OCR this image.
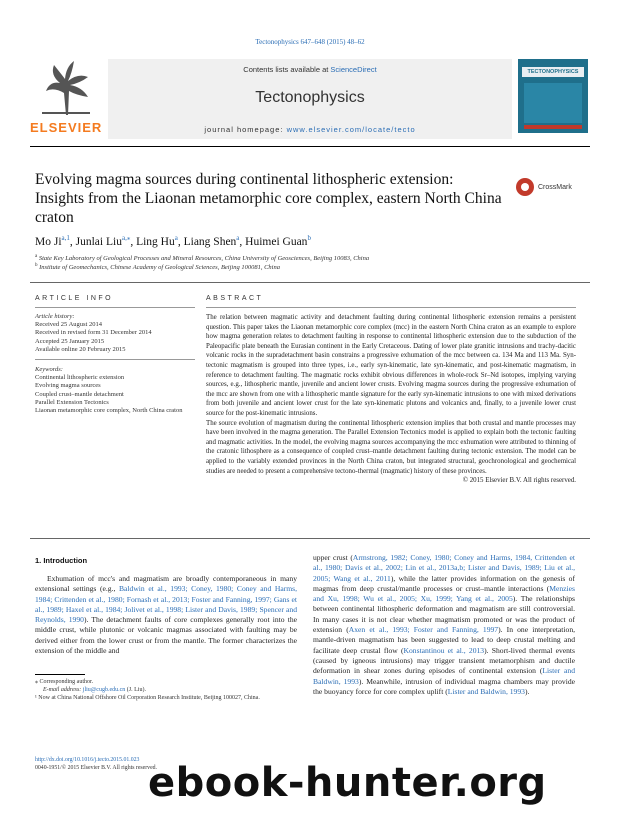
Tectonophysics 647–648 (2015) 48–62
ELSEVIER
Contents lists available at ScienceDirect
Tectonophysics
journal homepage: www.elsevier.com/locate/tecto
TECTONOPHYSICS
Evolving magma sources during continental lithospheric extension: Insights from the Liaonan metamorphic core complex, eastern North China craton
CrossMark
Mo Ji$^{a,1}$, Junlai Liu$^{a,⁎}$, Ling Hu$^a$, Liang Shen$^a$, Huimei Guan$^b$
$^a$ State Key Laboratory of Geological Processes and Mineral Resources, China University of Geosciences, Beijing 10083, China
$^b$ Institute of Geomechanics, Chinese Academy of Geological Sciences, Beijing 100081, China
ARTICLE INFO	ABSTRACT
Article history:
Received 25 August 2014
Received in revised form 31 December 2014
Accepted 25 January 2015
Available online 20 February 2015
Keywords:
Continental lithospheric extension
Evolving magma sources
Coupled crust–mantle detachment
Parallel Extension Tectonics
Liaonan metamorphic core complex, North China craton

The relation between magmatic activity and detachment faulting during continental lithospheric extension remains a persistent question. This paper takes the Liaonan metamorphic core complex (mcc) in the eastern North China craton as an example to explore how magma generation relates to detachment faulting in response to continental lithospheric extension due to the subduction of the Paleopacific plate beneath the Eurasian continent in the Early Cretaceous. Dating of lower plate granitic intrusions and trachy-dacitic volcanic rocks in the supradetachment basin constrains a progressive exhumation of the mcc between ca. 134 Ma and 113 Ma. Syn-tectonic magmatism is grouped into three types, i.e., early syn-kinematic, late syn-kinematic, and post-kinematic magmatism, in reference to detachment faulting. The magmatic rocks exhibit obvious differences in whole-rock Sr–Nd isotopes, implying varying sources, e.g., lithospheric mantle, juvenile and ancient lower crusts. Evolving magma sources during the progressive exhumation of the mcc are shown from one with a lithospheric mantle signature for the early syn-kinematic intrusions to one with mixed derivations from both juvenile and ancient lower crust for the late syn-kinematic plutons and volcanics and, finally, to a juvenile lower crust source for the post-kinematic intrusions.

The source evolution of magmatism during the continental lithospheric extension implies that both crustal and mantle processes may have been involved in the magma generation. The Parallel Extension Tectonics model is applied to explain both the tectonic faulting and magmatic activities. In the model, the evolving magma sources accompanying the mcc exhumation were attributed to thinning of the cratonic lithosphere as a consequence of coupled crust–mantle detachment faulting during tectonic extension. The model can be applied to the variably extended provinces in the North China craton, but integrated structural, geochronological and geochemical studies are needed to present a comprehensive tectono-thermal (magmatic) history of these provinces.

© 2015 Elsevier B.V. All rights reserved.

1. Introduction
Exhumation of mcc's and magmatism are broadly contemporaneous in many extensional settings (e.g., Baldwin et al., 1993; Coney, 1980; Coney and Harms, 1984; Crittenden et al., 1980; Fornash et al., 2013; Foster and Fanning, 1997; Gans et al., 1989; Haxel et al., 1984; Jolivet et al., 1998; Lister and Davis, 1989; Spencer and Reynolds, 1990). The detachment faults of core complexes generally root into the middle crust, while plutonic or volcanic magmas associated with faulting may be derived either from the lower crust or from the mantle. The former characterizes the extension of the middle and
upper crust (Armstrong, 1982; Coney, 1980; Coney and Harms, 1984, Crittenden et al., 1980; Davis et al., 2002; Lin et al., 2013a,b; Lister and Davis, 1989; Liu et al., 2005; Wang et al., 2011), while the latter provides information on the genesis of magmas from deep crustal/mantle processes or crust–mantle interactions (Menzies and Xu, 1998; Wu et al., 2005; Xu, 1999; Yang et al., 2005). The relationships between continental lithospheric deformation and magmatism are still controversial. In many cases it is not clear whether magmatism promoted or was the product of extension (Axen et al., 1993; Foster and Fanning, 1997). In one interpretation, mantle-driven magmatism has been suggested to lead to deep crustal melting and facilitate deep crustal flow (Konstantinou et al., 2013). Short-lived thermal events (caused by igneous intrusions) may trigger transient metamorphism and ductile deformation in shear zones during episodes of continental extension (Lister and Baldwin, 1993). Meanwhile, intrusion of individual magma chambers may provide the buoyancy force for core complex uplift (Lister and Baldwin, 1993).
⁎ Corresponding author.
E-mail address: jliu@cugb.edu.cn (J. Liu).
¹ Now at China National Offshore Oil Corporation Research Institute, Beijing 100027, China.
http://dx.doi.org/10.1016/j.tecto.2015.01.023
0040-1951/© 2015 Elsevier B.V. All rights reserved.
ebook-hunter.org
